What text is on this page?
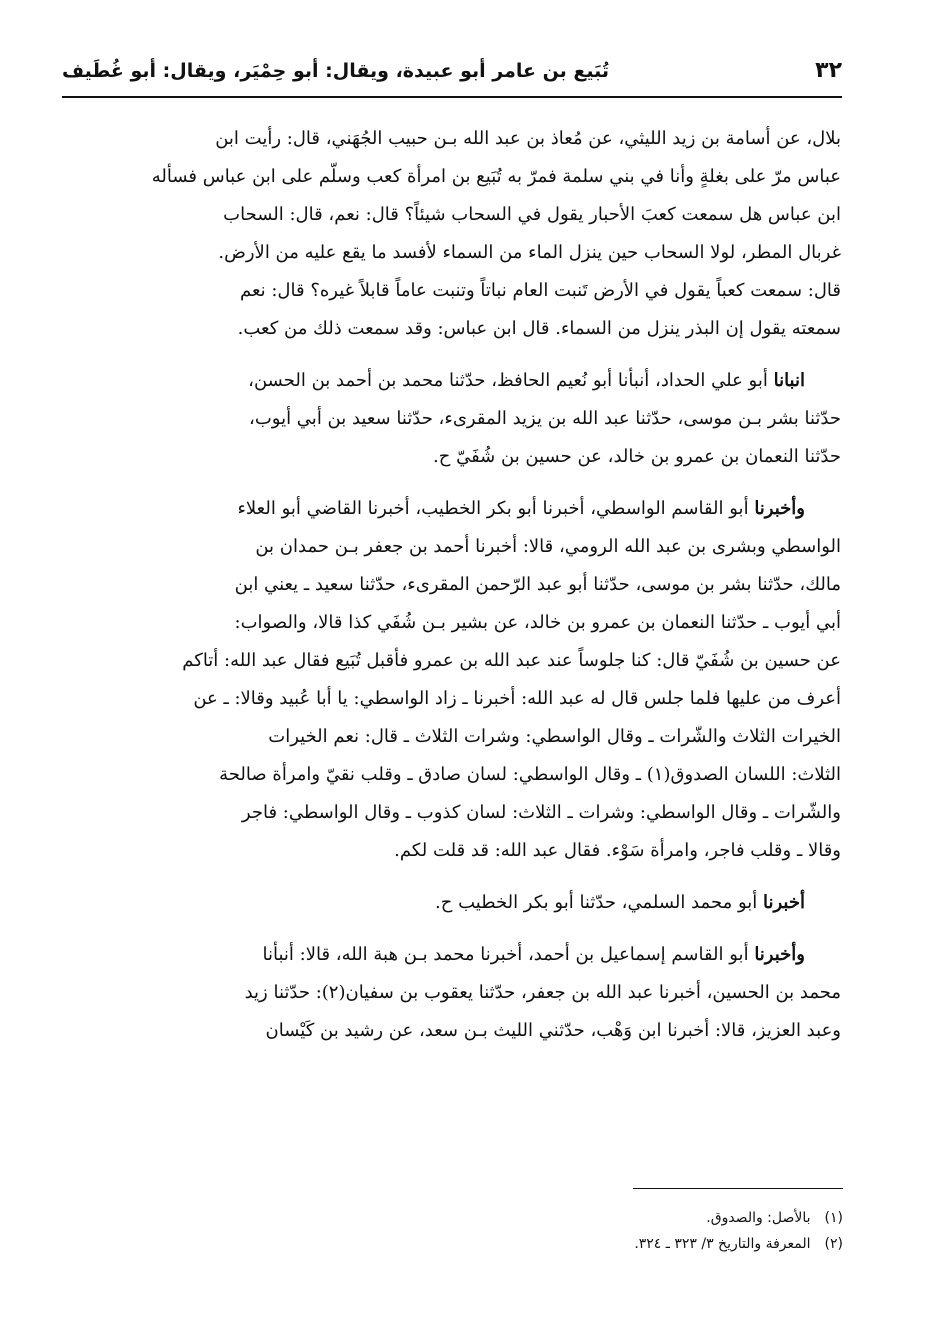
٣٢
تُبَيع بن عامر أبو عبيدة، ويقال: أبو حِمْيَر، ويقال: أبو غُطَيف
بلال، عن أسامة بن زيد الليثي، عن مُعاذ بن عبد الله بـن حبيب الجُهَني، قال: رأيت ابن
عباس مرّ على بغلةٍ وأنا في بني سلمة فمرّ به تُبَيع بن امرأة كعب وسلّم على ابن عباس فسأله
ابن عباس هل سمعت كعبَ الأحبار يقول في السحاب شيئاً؟ قال: نعم، قال: السحاب
غربال المطر، لولا السحاب حين ينزل الماء من السماء لأفسد ما يقع عليه من الأرض.
قال: سمعت كعباً يقول في الأرض تَنبت العام نباتاً وتنبت عاماً قابلاً غيره؟ قال: نعم
سمعته يقول إن البذر ينزل من السماء. قال ابن عباس: وقد سمعت ذلك من كعب.
انبانا أبو علي الحداد، أنبأنا أبو نُعيم الحافظ، حدّثنا محمد بن أحمد بن الحسن،
حدّثنا بشر بـن موسى، حدّثنا عبد الله بن يزيد المقرىء، حدّثنا سعيد بن أبي أيوب،
حدّثنا النعمان بن عمرو بن خالد، عن حسين بن شُفَيّ ح.
وأخبرنا أبو القاسم الواسطي، أخبرنا أبو بكر الخطيب، أخبرنا القاضي أبو العلاء
الواسطي وبشرى بن عبد الله الرومي، قالا: أخبرنا أحمد بن جعفر بـن حمدان بن
مالك، حدّثنا بشر بن موسى، حدّثنا أبو عبد الرّحمن المقرىء، حدّثنا سعيد ـ يعني ابن
أبي أيوب ـ حدّثنا النعمان بن عمرو بن خالد، عن بشير بـن شُفَي كذا قالا، والصواب:
عن حسين بن شُفَيّ قال: كنا جلوساً عند عبد الله بن عمرو فأقبل تُبَيع فقال عبد الله: أتاكم
أعرف من عليها فلما جلس قال له عبد الله: أخبرنا ـ زاد الواسطي: يا أبا عُبيد وقالا: ـ عن
الخيرات الثلاث والشّرات ـ وقال الواسطي: وشرات الثلاث ـ قال: نعم الخيرات
الثلاث: اللسان الصدوق(١) ـ وقال الواسطي: لسان صادق ـ وقلب نقيّ وامرأة صالحة
والشّرات ـ وقال الواسطي: وشرات ـ الثلاث: لسان كذوب ـ وقال الواسطي: فاجر
وقالا ـ وقلب فاجر، وامرأة سَوْء. فقال عبد الله: قد قلت لكم.
أخبرنا أبو محمد السلمي، حدّثنا أبو بكر الخطيب ح.
وأخبرنا أبو القاسم إسماعيل بن أحمد، أخبرنا محمد بـن هبة الله، قالا: أنبأنا
محمد بن الحسين، أخبرنا عبد الله بن جعفر، حدّثنا يعقوب بن سفيان(٢): حدّثنا زيد
وعبد العزيز، قالا: أخبرنا ابن وَهْب، حدّثني الليث بـن سعد، عن رشيد بن كَيْسان
(١) بالأصل: والصدوق.
(٢) المعرفة والتاريخ ٣/ ٣٢٣ ـ ٣٢٤.
